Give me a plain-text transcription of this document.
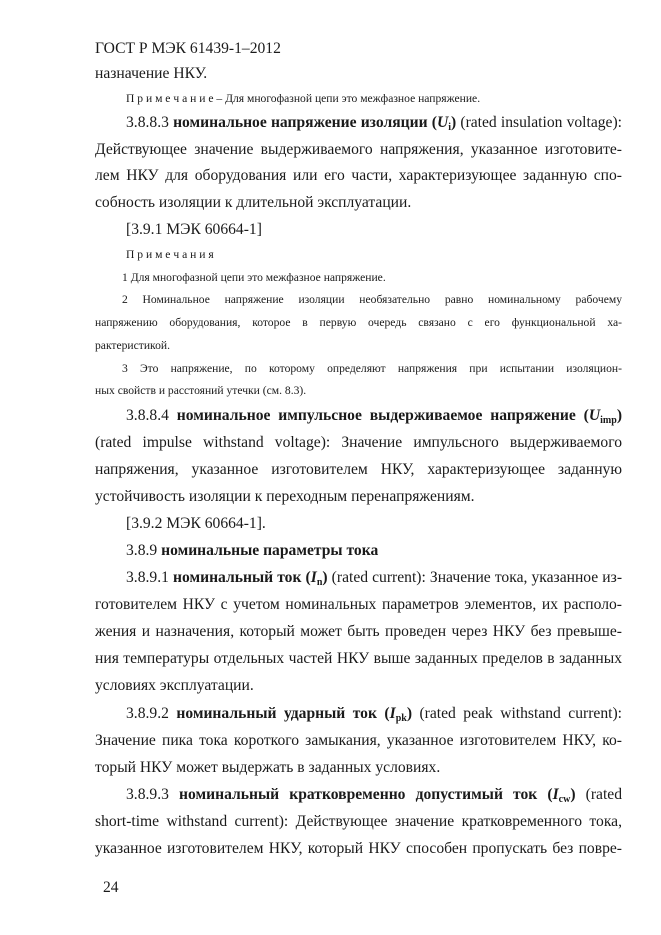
ГОСТ Р МЭК 61439-1–2012
назначение НКУ.
П р и м е ч а н и е – Для многофазной цепи это межфазное напряжение.
3.8.8.3 номинальное напряжение изоляции $(U_i)$ (rated insulation voltage):
Действующее значение выдерживаемого напряжения, указанное изготовите-
лем НКУ для оборудования или его части, характеризующее заданную спо-
собность изоляции к длительной эксплуатации.
[3.9.1 МЭК 60664-1]
П р и м е ч а н и я
1 Для многофазной цепи это межфазное напряжение.
2 Номинальное напряжение изоляции необязательно равно номинальному рабочему
напряжению оборудования, которое в первую очередь связано с его функциональной ха-
рактеристикой.
3 Это напряжение, по которому определяют напряжения при испытании изоляцион-
ных свойств и расстояний утечки (см. 8.3).
3.8.8.4 номинальное импульсное выдерживаемое напряжение $(U_{imp})$
(rated impulse withstand voltage): Значение импульсного выдерживаемого
напряжения, указанное изготовителем НКУ, характеризующее заданную
устойчивость изоляции к переходным перенапряжениям.
[3.9.2 МЭК 60664-1].
3.8.9 номинальные параметры тока
3.8.9.1 номинальный ток $(I_n)$ (rated current): Значение тока, указанное из-
готовителем НКУ с учетом номинальных параметров элементов, их располо-
жения и назначения, который может быть проведен через НКУ без превыше-
ния температуры отдельных частей НКУ выше заданных пределов в заданных
условиях эксплуатации.
3.8.9.2 номинальный ударный ток $(I_{pk})$ (rated peak withstand current):
Значение пика тока короткого замыкания, указанное изготовителем НКУ, ко-
торый НКУ может выдержать в заданных условиях.
3.8.9.3 номинальный кратковременно допустимый ток $(I_{cw})$ (rated
short-time withstand current): Действующее значение кратковременного тока,
указанное изготовителем НКУ, который НКУ способен пропускать без повре-
24
